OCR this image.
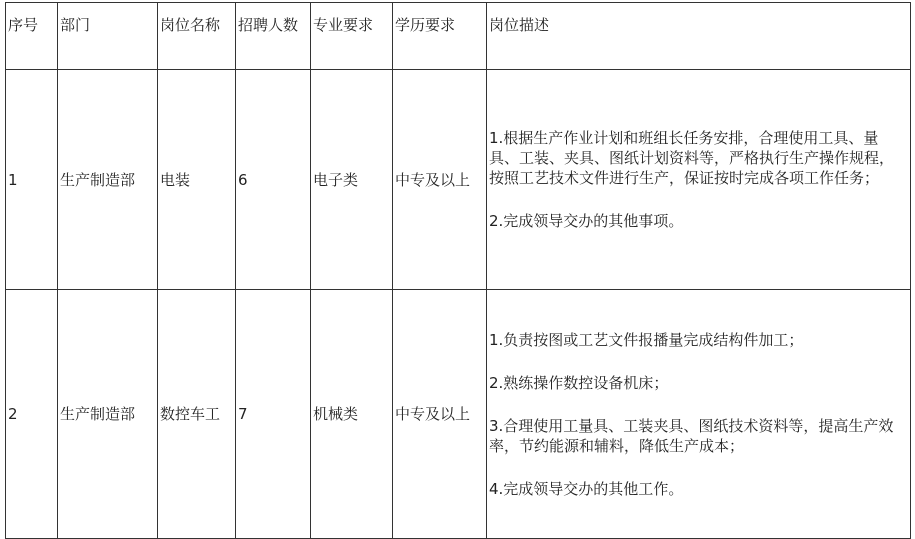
序号	部门	岗位名称	招聘人数	专业要求	学历要求	岗位描述
1	生产制造部	电装	6	电子类	中专及以上	1.根据生产作业计划和班组长任务安排，合理使用工具、量具、工装、夹具、图纸计划资料等，严格执行生产操作规程，按照工艺技术文件进行生产，保证按时完成各项工作任务；

2.完成领导交办的其他事项。

2	生产制造部	数控车工	7	机械类	中专及以上	1.负责按图或工艺文件报播量完成结构件加工；

2.熟练操作数控设备机床；

3.合理使用工量具、工装夹具、图纸技术资料等，提高生产效率，节约能源和辅料，降低生产成本；

4.完成领导交办的其他工作。
